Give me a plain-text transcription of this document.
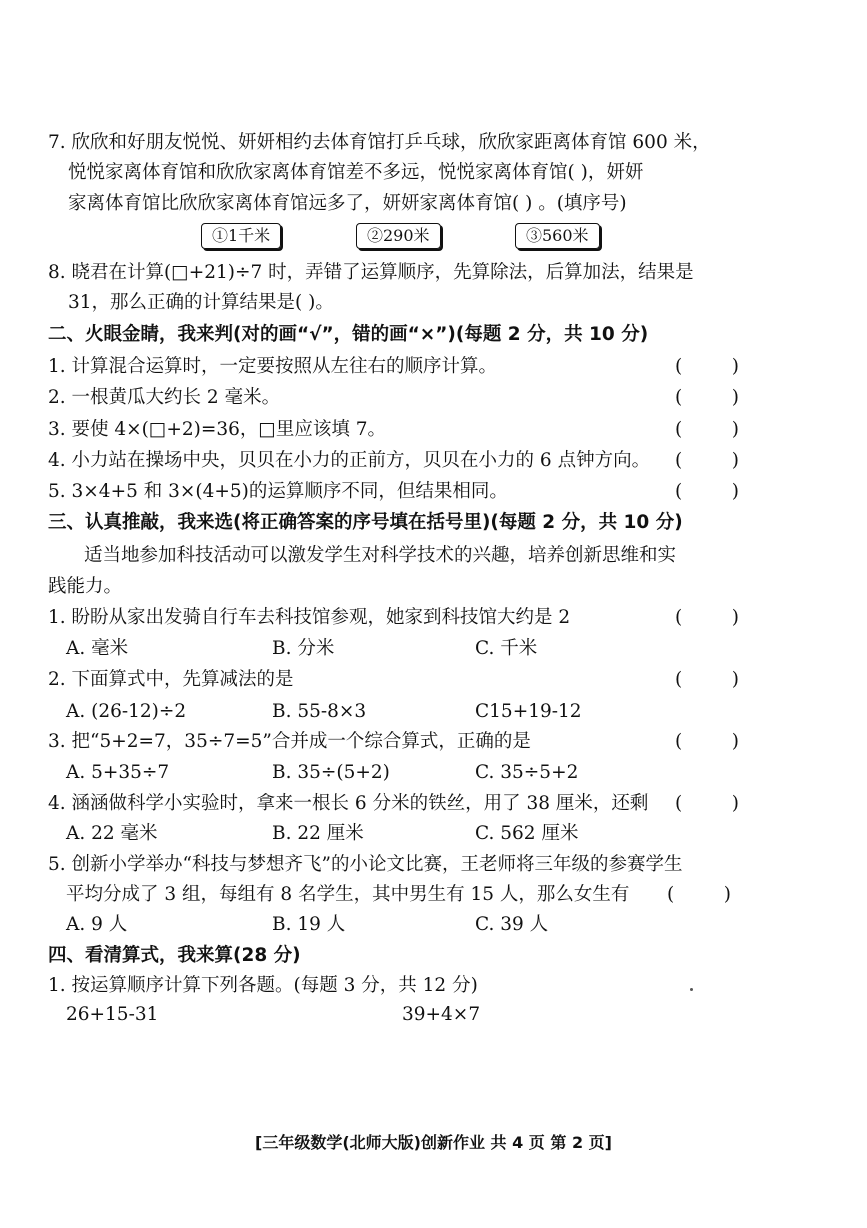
7. 欣欣和好朋友悦悦、妍妍相约去体育馆打乒乓球，欣欣家距离体育馆 600 米，
悦悦家离体育馆和欣欣家离体育馆差不多远，悦悦家离体育馆( )，妍妍
家离体育馆比欣欣家离体育馆远多了，妍妍家离体育馆( ) 。(填序号)
①1千米	②290米	③560米
8. 晓君在计算(□+21)÷7 时，弄错了运算顺序，先算除法，后算加法，结果是
31，那么正确的计算结果是( )。
二、火眼金睛，我来判(对的画“√”，错的画“×”)(每题 2 分，共 10 分)
1. 计算混合运算时，一定要按照从左往右的顺序计算。	(	)
2. 一根黄瓜大约长 2 毫米。	(	)
3. 要使 4×(□+2)=36，□里应该填 7。	(	)
4. 小力站在操场中央，贝贝在小力的正前方，贝贝在小力的 6 点钟方向。 (	)
5. 3×4+5 和 3×(4+5)的运算顺序不同，但结果相同。	(	)
三、认真推敲，我来选(将正确答案的序号填在括号里)(每题 2 分，共 10 分)
适当地参加科技活动可以激发学生对科学技术的兴趣，培养创新思维和实
践能力。
1. 盼盼从家出发骑自行车去科技馆参观，她家到科技馆大约是 2	(	)
A. 毫米	B. 分米	C. 千米
2. 下面算式中，先算减法的是	(	)
A. (26-12)÷2	B. 55-8×3	C15+19-12
3. 把“5+2=7，35÷7=5”合并成一个综合算式，正确的是	(	)
A. 5+35÷7	B. 35÷(5+2)	C. 35÷5+2
4. 涵涵做科学小实验时，拿来一根长 6 分米的铁丝，用了 38 厘米，还剩 (	)
A. 22 毫米	B. 22 厘米	C. 562 厘米
5. 创新小学举办“科技与梦想齐飞”的小论文比赛，王老师将三年级的参赛学生
平均分成了 3 组，每组有 8 名学生，其中男生有 15 人，那么女生有 (	)
A. 9 人	B. 19 人	C. 39 人
四、看清算式，我来算(28 分)
1. 按运算顺序计算下列各题。(每题 3 分，共 12 分)
26+15-31	39+4×7
[三年级数学(北师大版)创新作业 共 4 页 第 2 页]
